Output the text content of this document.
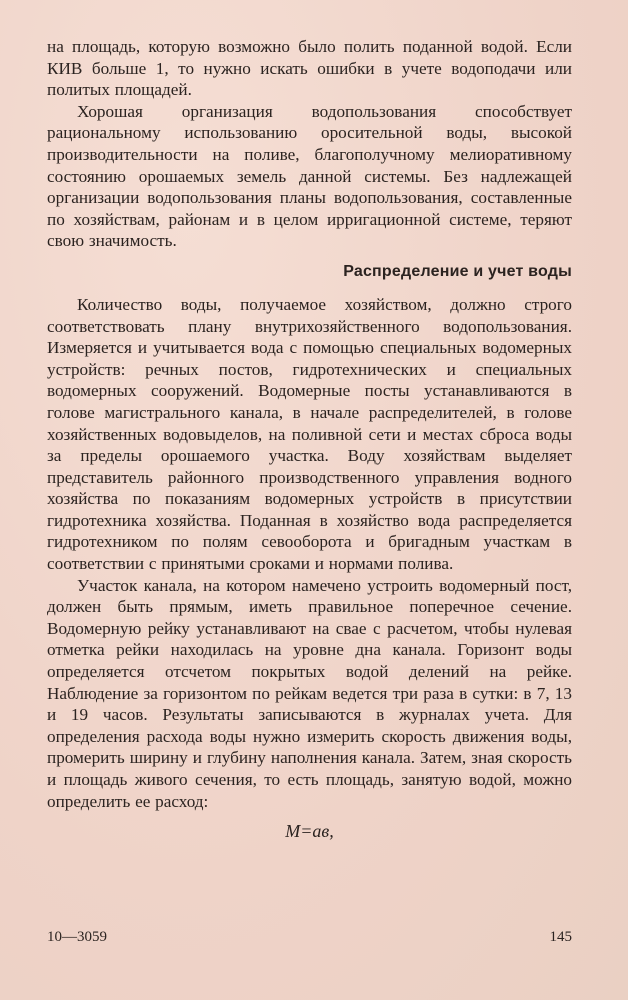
на площадь, которую возможно было полить поданной водой. Если КИВ больше 1, то нужно искать ошибки в учете водоподачи или политых площадей.

Хорошая организация водопользования способствует рациональному использованию оросительной воды, высокой производительности на поливе, благополучному мелиоративному состоянию орошаемых земель данной системы. Без надлежащей организации водопользования планы водопользования, составленные по хозяйствам, районам и в целом ирригационной системе, теряют свою значимость.

Распределение и учет воды

Количество воды, получаемое хозяйством, должно строго соответствовать плану внутрихозяйственного водопользования. Измеряется и учитывается вода с помощью специальных водомерных устройств: речных постов, гидротехнических и специальных водомерных сооружений. Водомерные посты устанавливаются в голове магистрального канала, в начале распределителей, в голове хозяйственных водовыделов, на поливной сети и местах сброса воды за пределы орошаемого участка. Воду хозяйствам выделяет представитель районного производственного управления водного хозяйства по показаниям водомерных устройств в присутствии гидротехника хозяйства. Поданная в хозяйство вода распределяется гидротехником по полям севооборота и бригадным участкам в соответствии с принятыми сроками и нормами полива.

Участок канала, на котором намечено устроить водомерный пост, должен быть прямым, иметь правильное поперечное сечение. Водомерную рейку устанавливают на свае с расчетом, чтобы нулевая отметка рейки находилась на уровне дна канала. Горизонт воды определяется отсчетом покрытых водой делений на рейке. Наблюдение за горизонтом по рейкам ведется три раза в сутки: в 7, 13 и 19 часов. Результаты записываются в журналах учета. Для определения расхода воды нужно измерить скорость движения воды, промерить ширину и глубину наполнения канала. Затем, зная скорость и площадь живого сечения, то есть площадь, занятую водой, можно определить ее расход:

M=aв,
10—3059	145
